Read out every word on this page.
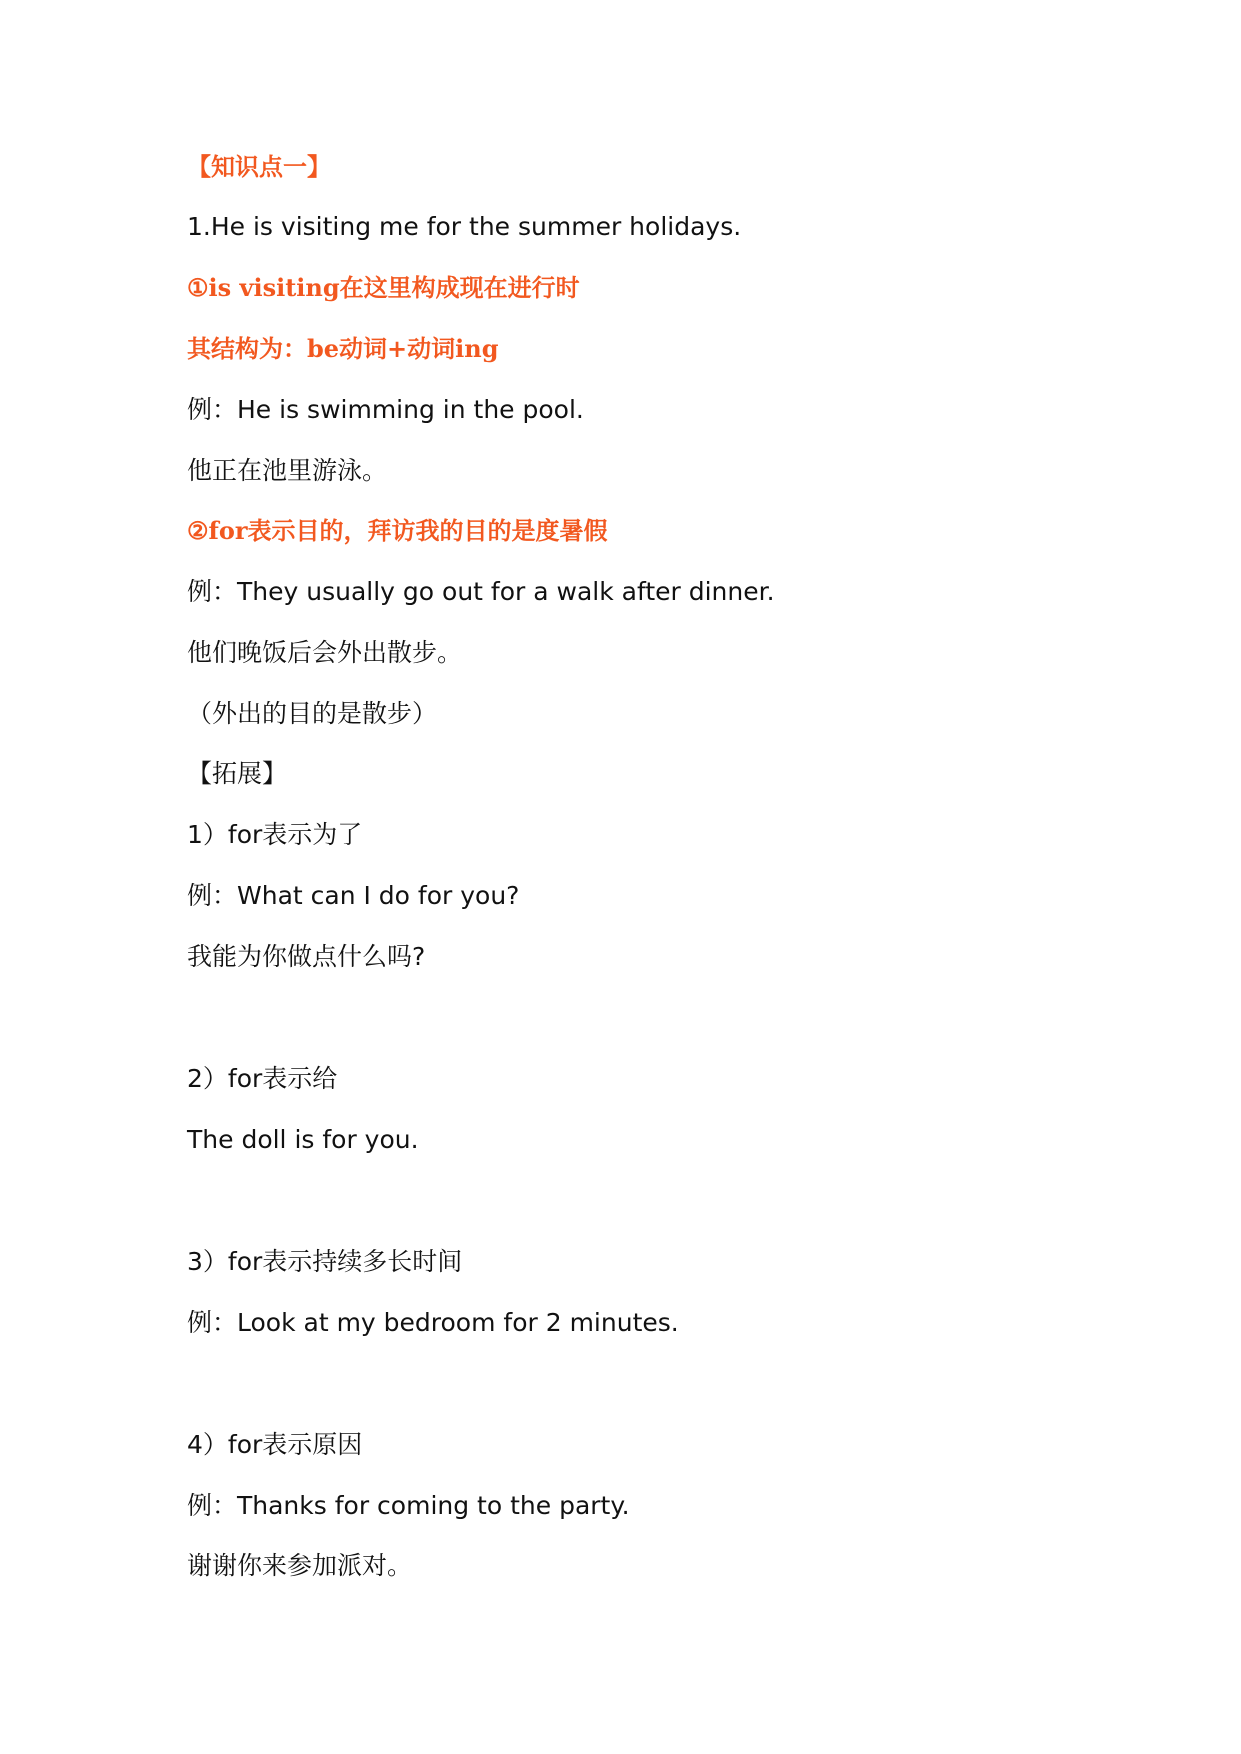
【知识点一】
1.He is visiting me for the summer holidays.
①is visiting在这里构成现在进行时
其结构为：be动词+动词ing
例：He is swimming in the pool.
他正在池里游泳。
②for表示目的，拜访我的目的是度暑假
例：They usually go out for a walk after dinner.
他们晚饭后会外出散步。
（外出的目的是散步）
【拓展】
1）for表示为了
例：What can I do for you?
我能为你做点什么吗?
2）for表示给
The doll is for you.
3）for表示持续多长时间
例：Look at my bedroom for 2 minutes.
4）for表示原因
例：Thanks for coming to the party.
谢谢你来参加派对。
